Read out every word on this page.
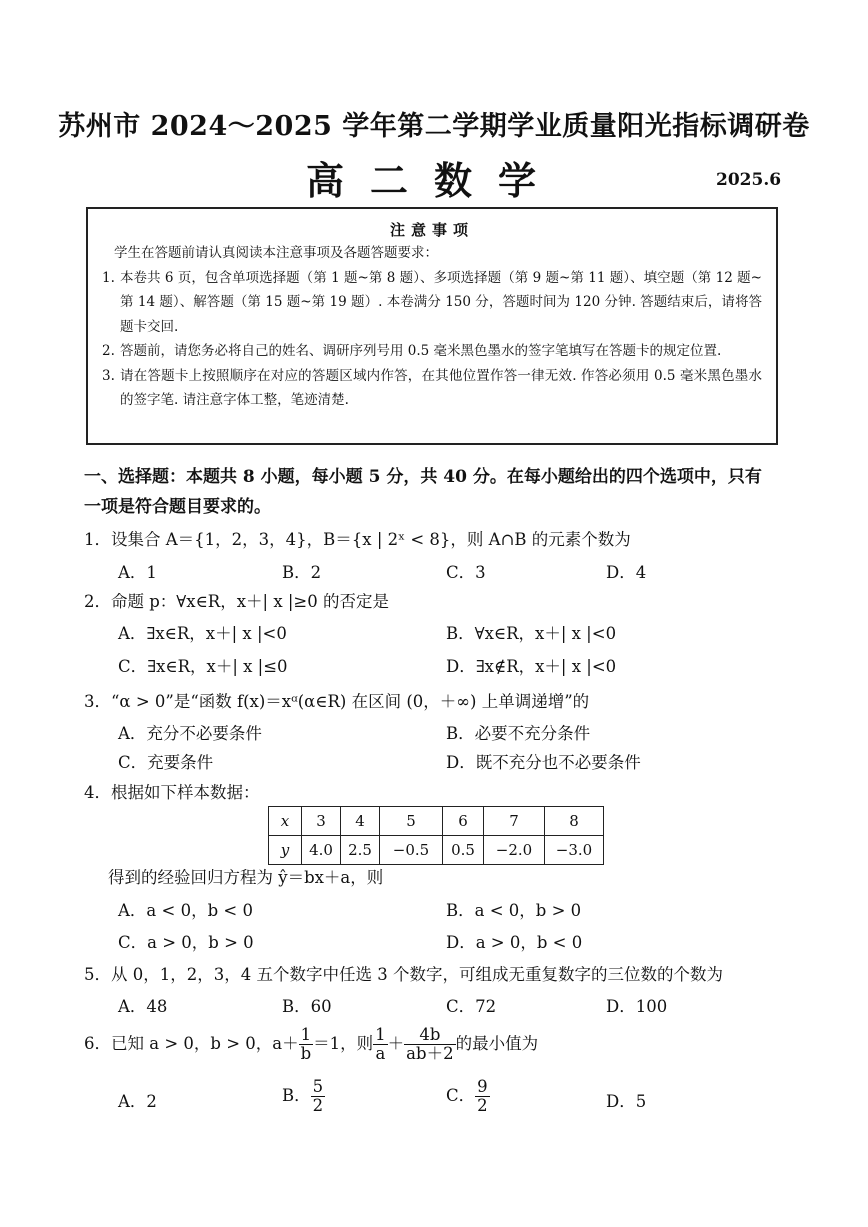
苏州市 2024～2025 学年第二学期学业质量阳光指标调研卷
高二数学	2025.6
注意事项
学生在答题前请认真阅读本注意事项及各题答题要求：
1. 本卷共 6 页，包含单项选择题（第 1 题~第 8 题）、多项选择题（第 9 题~第 11 题）、填空题（第 12 题~第 14 题）、解答题（第 15 题~第 19 题）. 本卷满分 150 分，答题时间为 120 分钟. 答题结束后，请将答题卡交回.
2. 答题前，请您务必将自己的姓名、调研序列号用 0.5 毫米黑色墨水的签字笔填写在答题卡的规定位置.
3. 请在答题卡上按照顺序在对应的答题区域内作答，在其他位置作答一律无效. 作答必须用 0.5 毫米黑色墨水的签字笔. 请注意字体工整，笔迹清楚.
一、选择题：本题共 8 小题，每小题 5 分，共 40 分。在每小题给出的四个选项中，只有一项是符合题目要求的。
1．设集合 A＝{1，2，3，4}，B＝{x | 2ˣ < 8}，则 A∩B 的元素个数为
A．1	B．2	C．3	D．4
2．命题 p：∀x∈R，x＋| x |≥0 的否定是
A．∃x∈R，x＋| x |<0	B．∀x∈R，x＋| x |<0
C．∃x∈R，x＋| x |≤0	D．∃x∉R，x＋| x |<0
3．“α > 0”是“函数 f(x)＝xᵅ(α∈R) 在区间 (0，＋∞) 上单调递增”的
A．充分不必要条件	B．必要不充分条件
C．充要条件	D．既不充分也不必要条件
4．根据如下样本数据：
x	3	4	5	6	7	8
y	4.0	2.5	−0.5	0.5	−2.0	−3.0
得到的经验回归方程为 ŷ＝bx＋a，则
A．a < 0，b < 0	B．a < 0，b > 0
C．a > 0，b > 0	D．a > 0，b < 0
5．从 0，1，2，3，4 五个数字中任选 3 个数字，可组成无重复数字的三位数的个数为
A．48	B．60	C．72	D．100
6．已知 a > 0，b > 0，$a+ \frac{1}{b} =1$，则 $\frac{1}{a} + \frac{4b}{ab+2}$ 的最小值为
A．2	B． $\frac{5}{2}$	C． $\frac{9}{2}$	D．5
